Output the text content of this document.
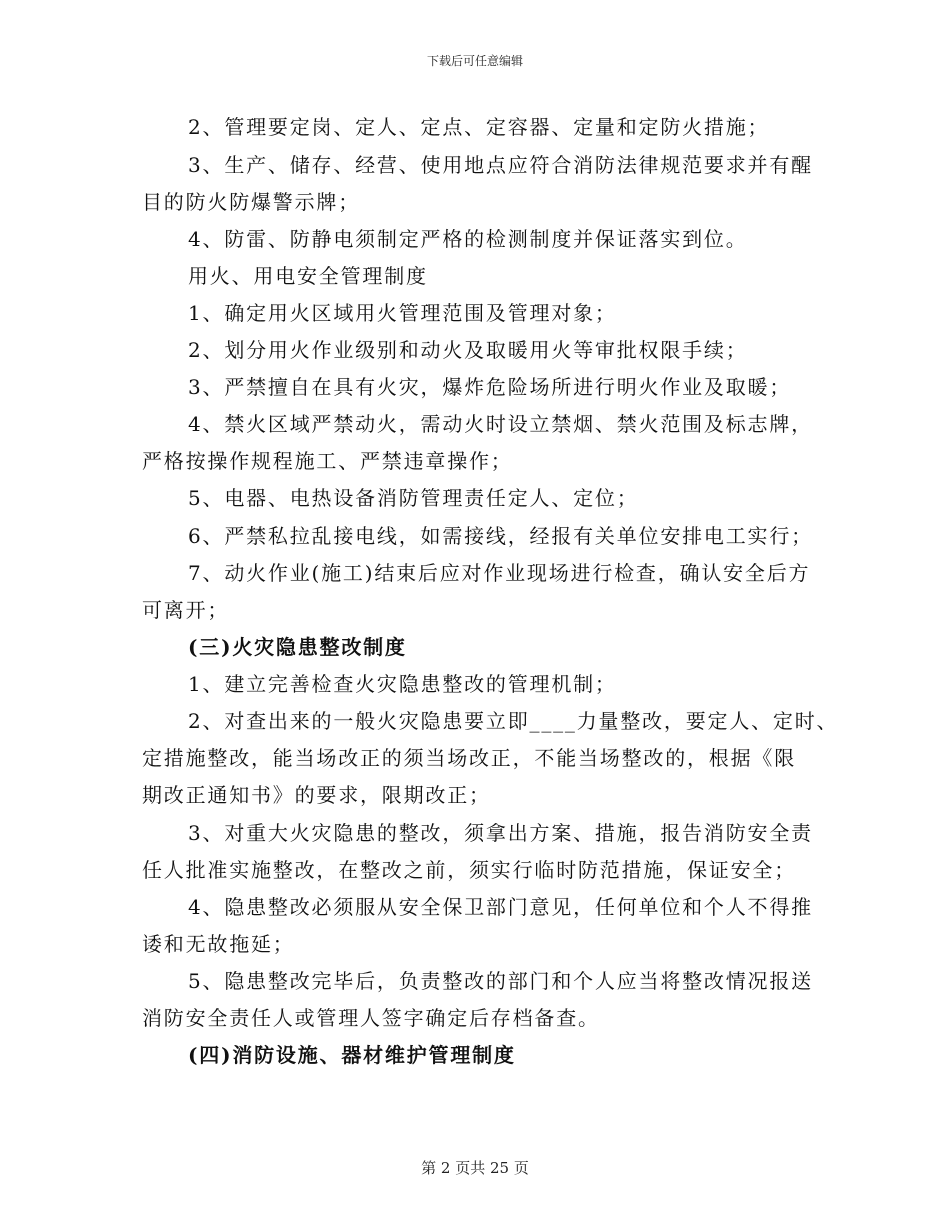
下载后可任意编辑
2、管理要定岗、定人、定点、定容器、定量和定防火措施；
3、生产、储存、经营、使用地点应符合消防法律规范要求并有醒
目的防火防爆警示牌；
4、防雷、防静电须制定严格的检测制度并保证落实到位。
用火、用电安全管理制度
1、确定用火区域用火管理范围及管理对象；
2、划分用火作业级别和动火及取暖用火等审批权限手续；
3、严禁擅自在具有火灾，爆炸危险场所进行明火作业及取暖；
4、禁火区域严禁动火，需动火时设立禁烟、禁火范围及标志牌，
严格按操作规程施工、严禁违章操作；
5、电器、电热设备消防管理责任定人、定位；
6、严禁私拉乱接电线，如需接线，经报有关单位安排电工实行；
7、动火作业(施工)结束后应对作业现场进行检查，确认安全后方
可离开；
(三)火灾隐患整改制度
1、建立完善检查火灾隐患整改的管理机制；
2、对查出来的一般火灾隐患要立即____力量整改，要定人、定时、
定措施整改，能当场改正的须当场改正，不能当场整改的，根据《限
期改正通知书》的要求，限期改正；
3、对重大火灾隐患的整改，须拿出方案、措施，报告消防安全责
任人批准实施整改，在整改之前，须实行临时防范措施，保证安全；
4、隐患整改必须服从安全保卫部门意见，任何单位和个人不得推
诿和无故拖延；
5、隐患整改完毕后，负责整改的部门和个人应当将整改情况报送
消防安全责任人或管理人签字确定后存档备查。
(四)消防设施、器材维护管理制度
第 2 页共 25 页
